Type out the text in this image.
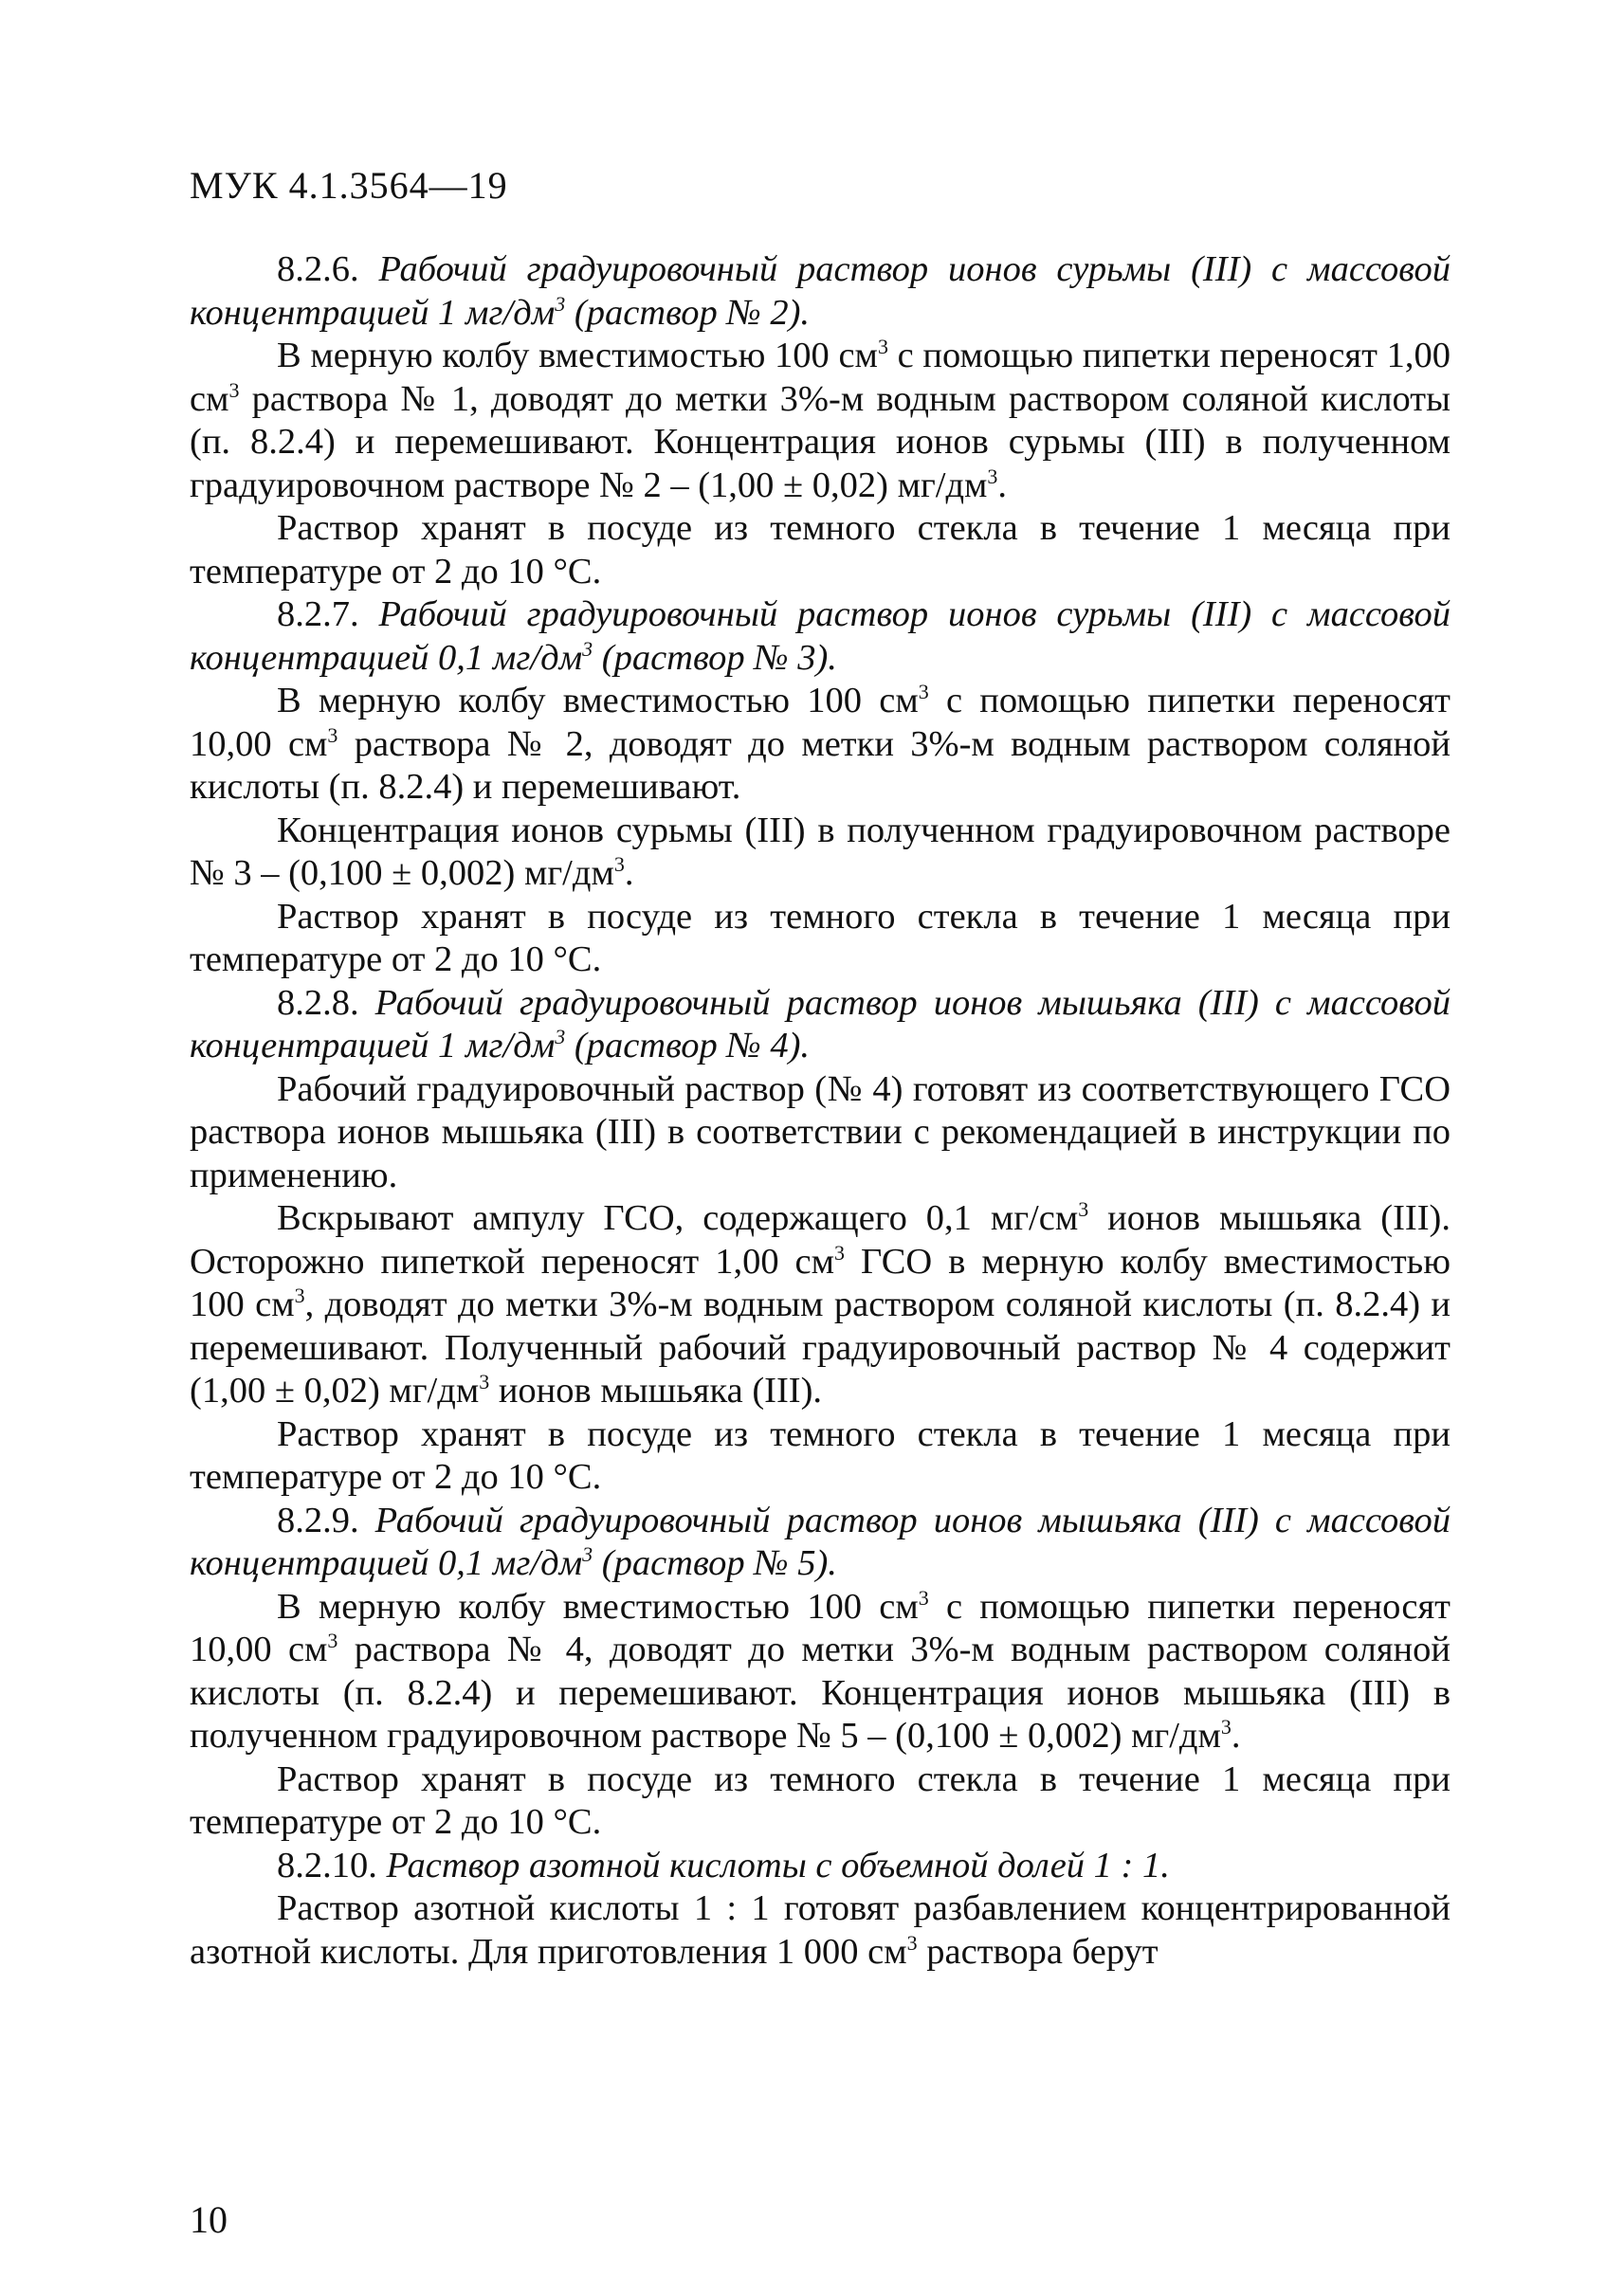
МУК 4.1.3564—19

8.2.6. Рабочий градуировочный раствор ионов сурьмы (III) с массовой концентрацией 1 $мг/дм^3$ (раствор № 2).

В мерную колбу вместимостью 100 $см^3$ с помощью пипетки переносят 1,00 $см^3$ раствора № 1, доводят до метки 3%-м водным раствором соляной кислоты (п. 8.2.4) и перемешивают. Концентрация ионов сурьмы (III) в полученном градуировочном растворе № 2 – (1,00 ± 0,02) $мг/дм^3$.

Раствор хранят в посуде из темного стекла в течение 1 месяца при температуре от 2 до 10 °С.

8.2.7. Рабочий градуировочный раствор ионов сурьмы (III) с массовой концентрацией 0,1 $мг/дм^3$ (раствор № 3).

В мерную колбу вместимостью 100 $см^3$ с помощью пипетки переносят 10,00 $см^3$ раствора № 2, доводят до метки 3%-м водным раствором соляной кислоты (п. 8.2.4) и перемешивают.

Концентрация ионов сурьмы (III) в полученном градуировочном растворе № 3 – (0,100 ± 0,002) $мг/дм^3$.

Раствор хранят в посуде из темного стекла в течение 1 месяца при температуре от 2 до 10 °С.

8.2.8. Рабочий градуировочный раствор ионов мышьяка (III) с массовой концентрацией 1 $мг/дм^3$ (раствор № 4).

Рабочий градуировочный раствор (№ 4) готовят из соответствующего ГСО раствора ионов мышьяка (III) в соответствии с рекомендацией в инструкции по применению.

Вскрывают ампулу ГСО, содержащего 0,1 $мг/см^3$ ионов мышьяка (III). Осторожно пипеткой переносят 1,00 $см^3$ ГСО в мерную колбу вместимостью 100 $см^3$, доводят до метки 3%-м водным раствором соляной кислоты (п. 8.2.4) и перемешивают. Полученный рабочий градуировочный раствор № 4 содержит (1,00 ± 0,02) $мг/дм^3$ ионов мышьяка (III).

Раствор хранят в посуде из темного стекла в течение 1 месяца при температуре от 2 до 10 °С.

8.2.9. Рабочий градуировочный раствор ионов мышьяка (III) с массовой концентрацией 0,1 $мг/дм^3$ (раствор № 5).

В мерную колбу вместимостью 100 $см^3$ с помощью пипетки переносят 10,00 $см^3$ раствора № 4, доводят до метки 3%-м водным раствором соляной кислоты (п. 8.2.4) и перемешивают. Концентрация ионов мышьяка (III) в полученном градуировочном растворе № 5 – (0,100 ± 0,002) $мг/дм^3$.

Раствор хранят в посуде из темного стекла в течение 1 месяца при температуре от 2 до 10 °С.

8.2.10. Раствор азотной кислоты с объемной долей 1 : 1.

Раствор азотной кислоты 1 : 1 готовят разбавлением концентрированной азотной кислоты. Для приготовления 1 000 $см^3$ раствора берут

10
